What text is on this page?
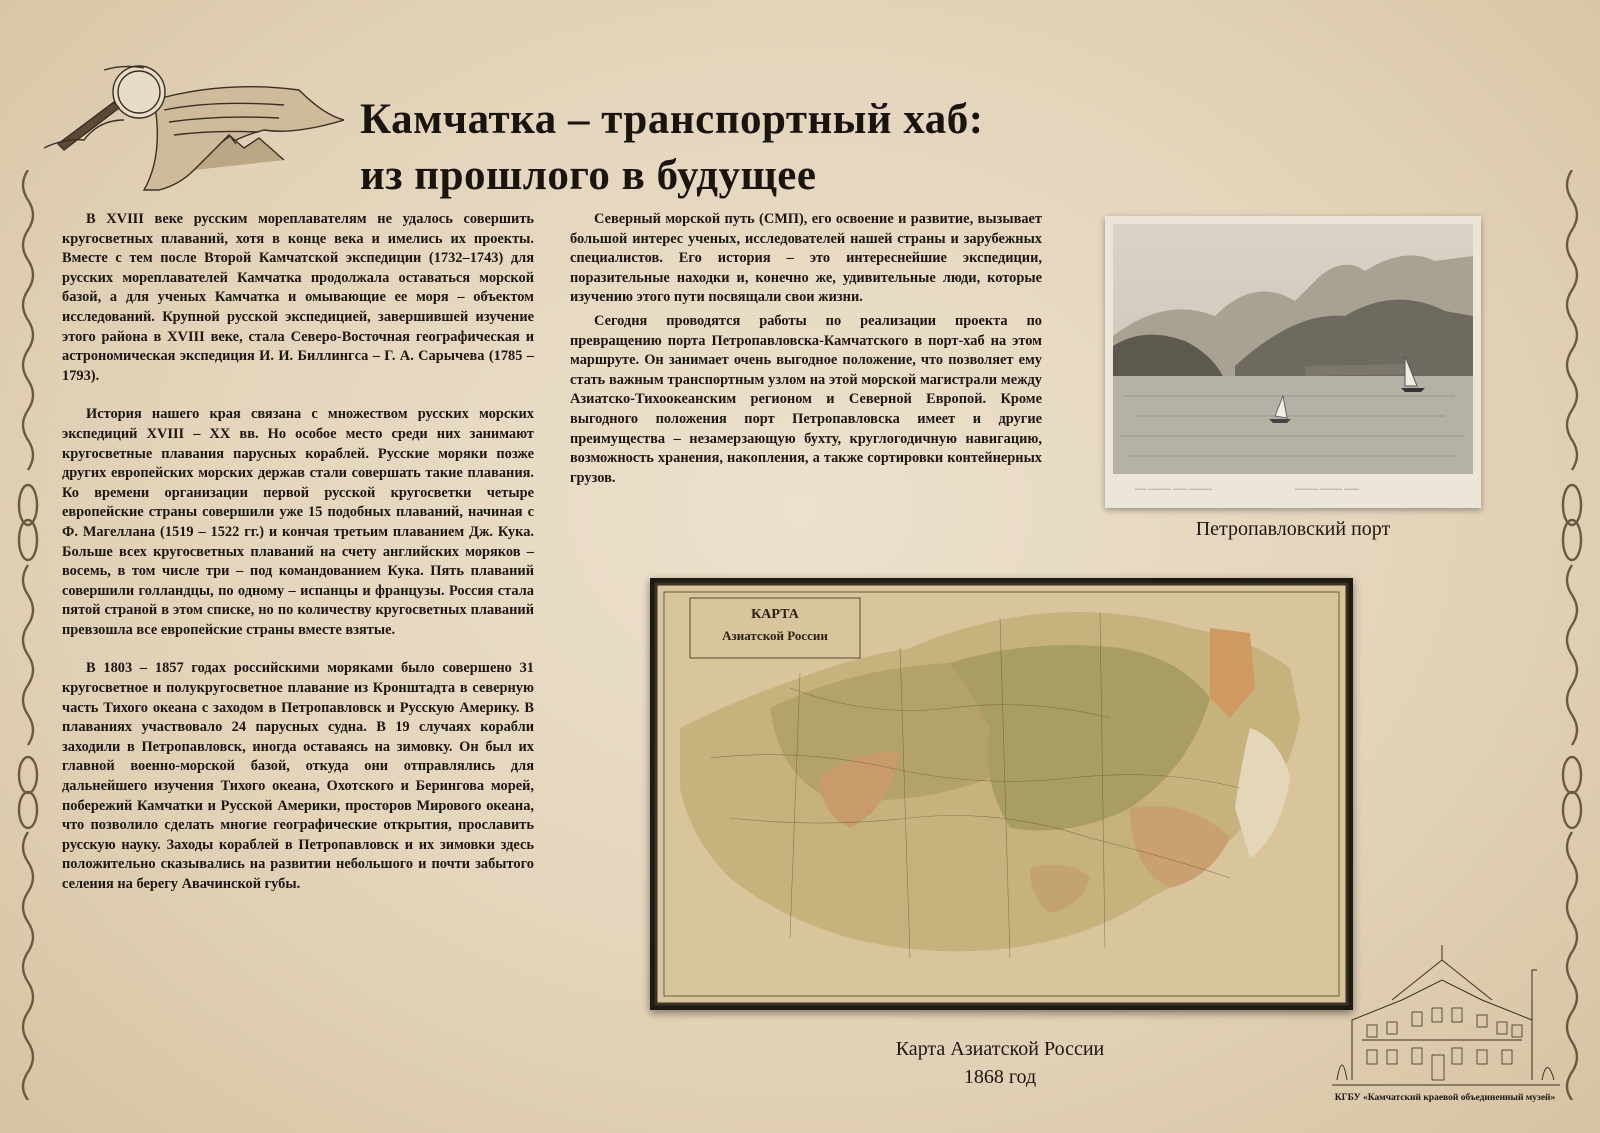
Камчатка – транспортный хаб:
из прошлого в будущее

В XVIII веке русским мореплавателям не удалось совершить кругосветных плаваний, хотя в конце века и имелись их проекты. Вместе с тем после Второй Камчатской экспедиции (1732–1743) для русских мореплавателей Камчатка продолжала оставаться морской базой, а для ученых Камчатка и омывающие ее моря – объектом исследований. Крупной русской экспедицией, завершившей изучение этого района в XVIII веке, стала Северо-Восточная географическая и астрономическая экспедиция И. И. Биллингса – Г. А. Сарычева (1785 – 1793).

История нашего края связана с множеством русских морских экспедиций XVIII – XX вв. Но особое место среди них занимают кругосветные плавания парусных кораблей. Русские моряки позже других европейских морских держав стали совершать такие плавания. Ко времени организации первой русской кругосветки четыре европейские страны совершили уже 15 подобных плаваний, начиная с Ф. Магеллана (1519 – 1522 гг.) и кончая третьим плаванием Дж. Кука. Больше всех кругосветных плаваний на счету английских моряков – восемь, в том числе три – под командованием Кука. Пять плаваний совершили голландцы, по одному – испанцы и французы. Россия стала пятой страной в этом списке, но по количеству кругосветных плаваний превзошла все европейские страны вместе взятые.

В 1803 – 1857 годах российскими моряками было совершено 31 кругосветное и полукругосветное плавание из Кронштадта в северную часть Тихого океана с заходом в Петропавловск и Русскую Америку. В плаваниях участвовало 24 парусных судна. В 19 случаях корабли заходили в Петропавловск, иногда оставаясь на зимовку. Он был их главной военно-морской базой, откуда они отправлялись для дальнейшего изучения Тихого океана, Охотского и Берингова морей, побережий Камчатки и Русской Америки, просторов Мирового океана, что позволило сделать многие географические открытия, прославить русскую науку. Заходы кораблей в Петропавловск и их зимовки здесь положительно сказывались на развитии небольшого и почти забытого селения на берегу Авачинской губы.

Северный морской путь (СМП), его освоение и развитие, вызывает большой интерес ученых, исследователей нашей страны и зарубежных специалистов. Его история – это интереснейшие экспедиции, поразительные находки и, конечно же, удивительные люди, которые изучению этого пути посвящали свои жизни.

Сегодня проводятся работы по реализации проекта по превращению порта Петропавловска-Камчатского в порт-хаб на этом маршруте. Он занимает очень выгодное положение, что позволяет ему стать важным транспортным узлом на этой морской магистрали между Азиатско-Тихоокеанским регионом и Северной Европой. Кроме выгодного положения порт Петропавловска имеет и другие преимущества – незамерзающую бухту, круглогодичную навигацию, возможность хранения, накопления, а также сортировки контейнерных грузов.

~~~ ~~~~~~ ~~~~ ~~~~~~	~~~~~~ ~~~~~~ ~~~~
Петропавловский порт
КАРТА
Азиатской России
Карта Азиатской России
1868 год
КГБУ «Камчатский краевой объединенный музей»
